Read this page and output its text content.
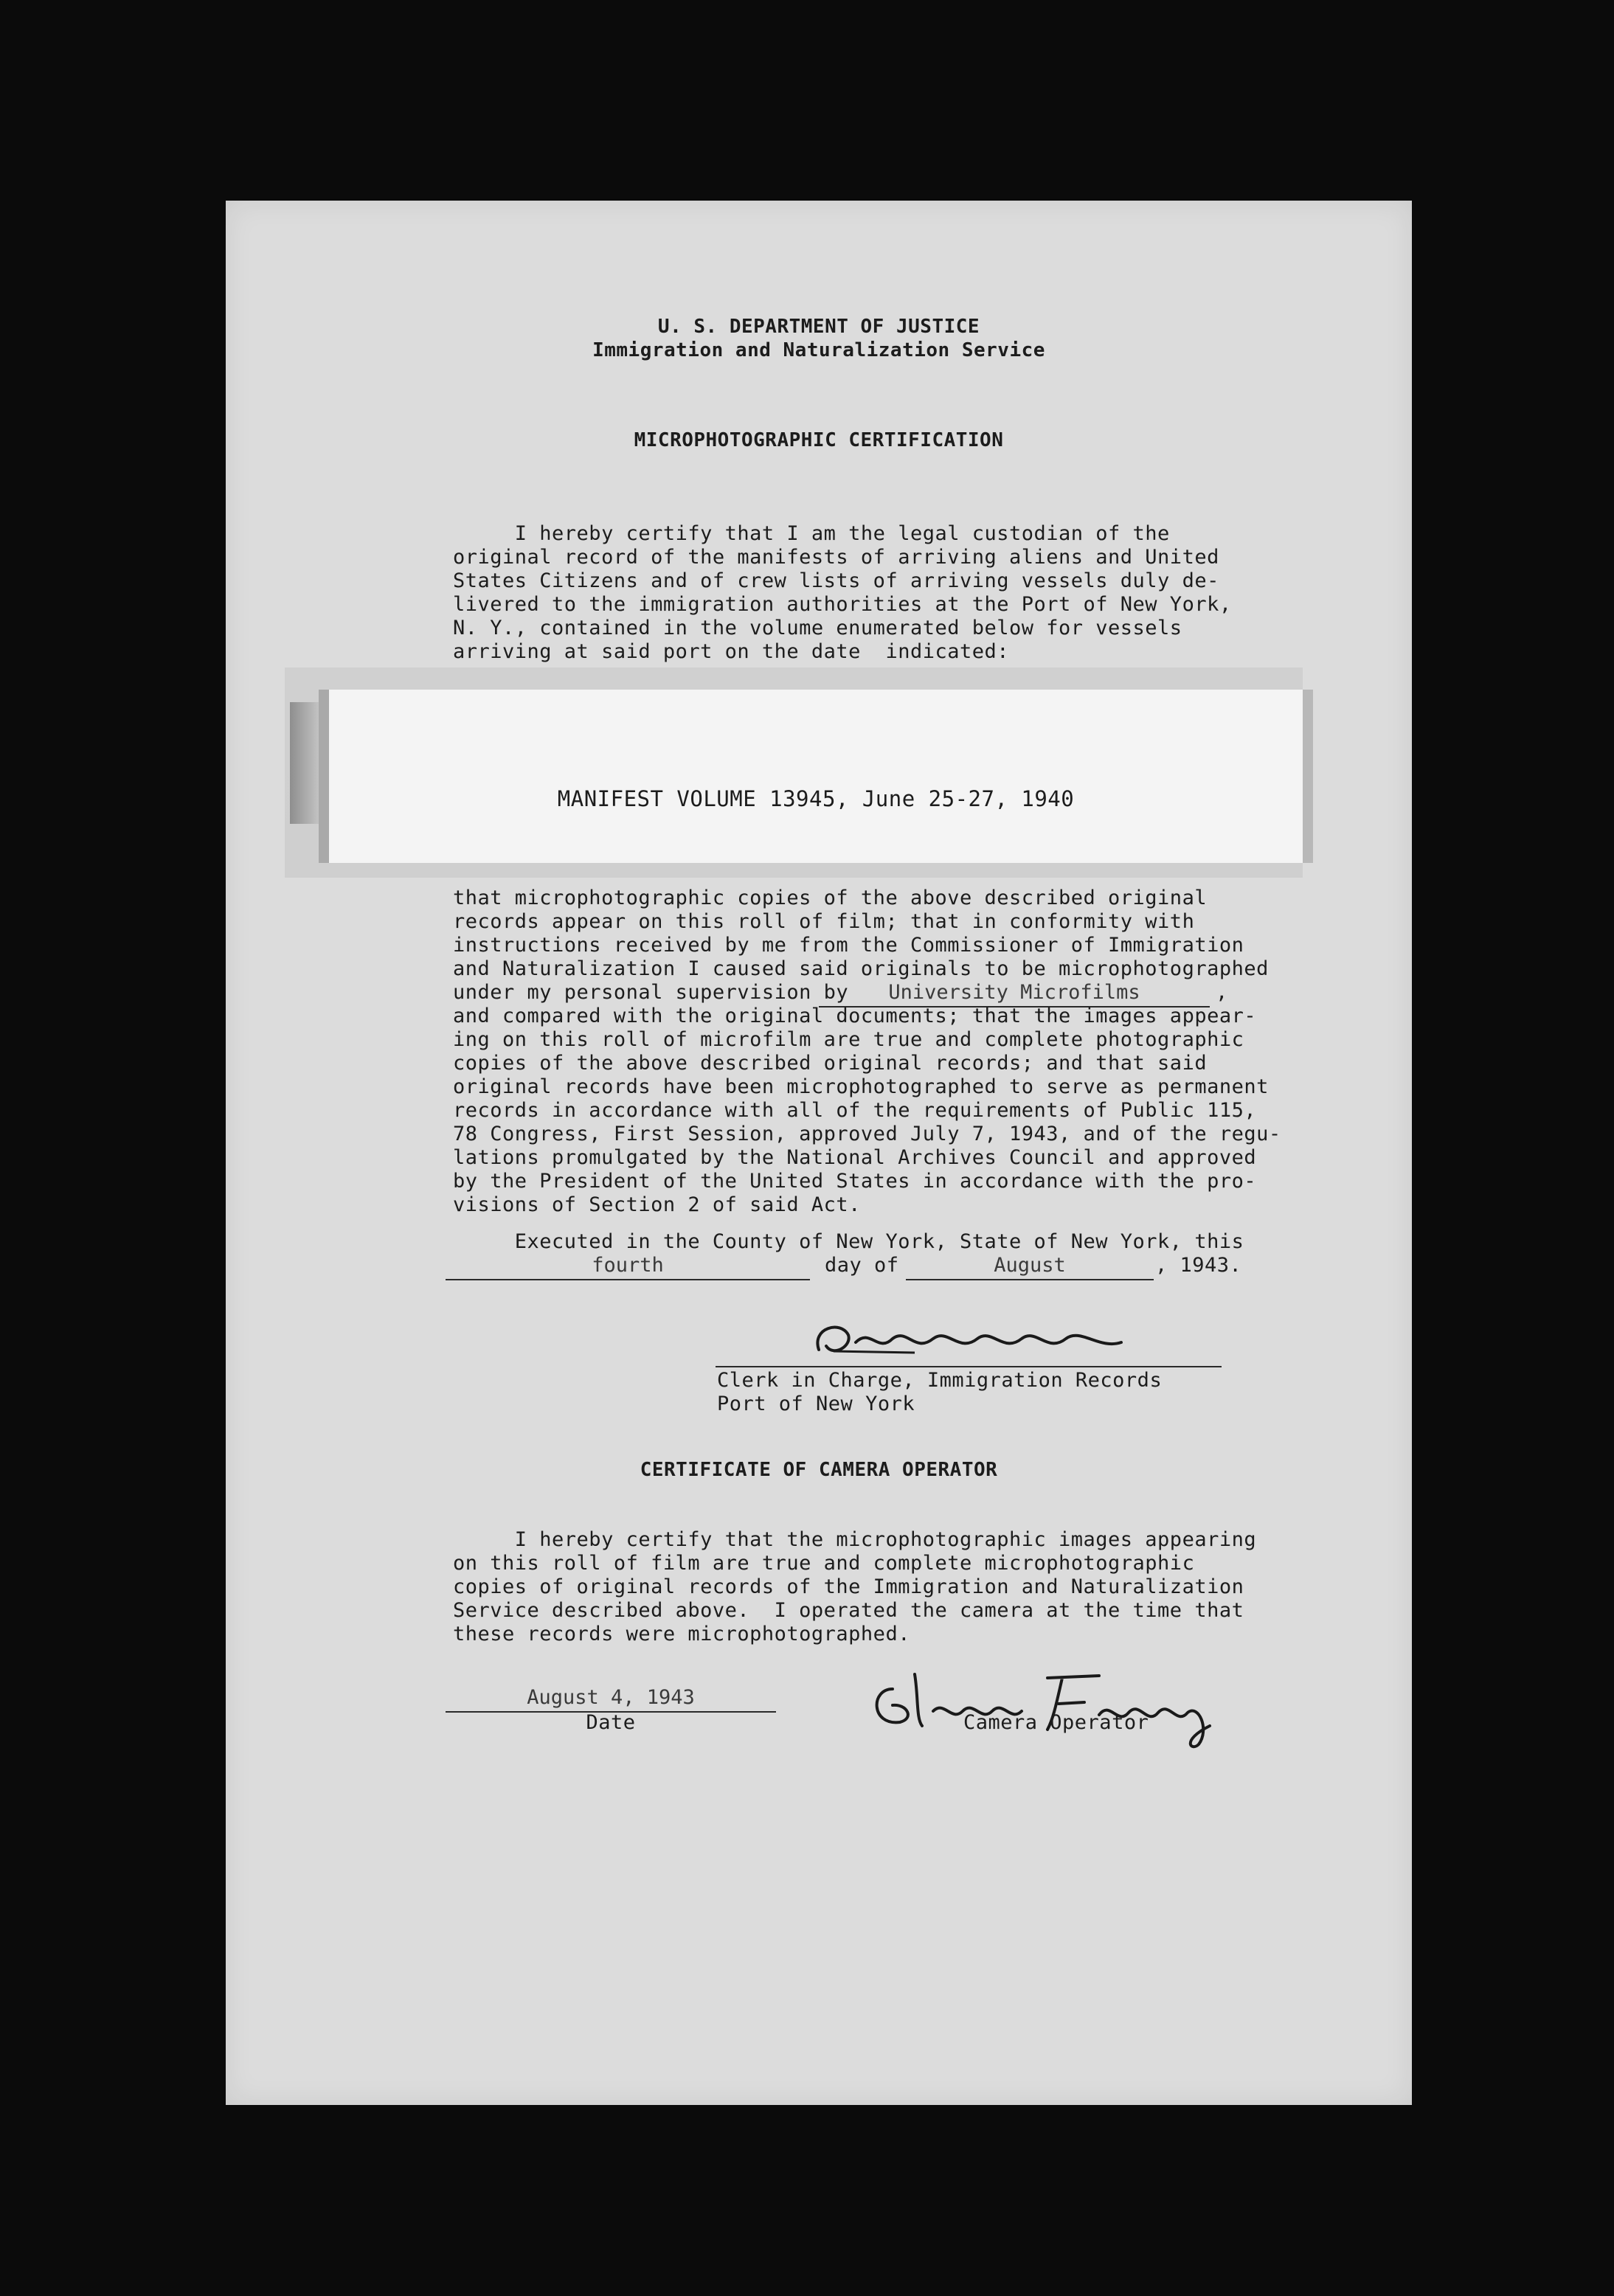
U. S. DEPARTMENT OF JUSTICE
Immigration and Naturalization Service
MICROPHOTOGRAPHIC CERTIFICATION
I hereby certify that I am the legal custodian of the
original record of the manifests of arriving aliens and United
States Citizens and of crew lists of arriving vessels duly de-
livered to the immigration authorities at the Port of New York,
N. Y., contained in the volume enumerated below for vessels
arriving at said port on the date  indicated:
MANIFEST VOLUME 13945, June 25-27, 1940
that microphotographic copies of the above described original
records appear on this roll of film; that in conformity with
instructions received by me from the Commissioner of Immigration
and Naturalization I caused said originals to be microphotographed
under my personal supervision by	University Microfilms	,
and compared with the original documents; that the images appear-
ing on this roll of microfilm are true and complete photographic
copies of the above described original records; and that said
original records have been microphotographed to serve as permanent
records in accordance with all of the requirements of Public 115,
78 Congress, First Session, approved July 7, 1943, and of the regu-
lations promulgated by the National Archives Council and approved
by the President of the United States in accordance with the pro-
visions of Section 2 of said Act.
Executed in the County of New York, State of New York, this
fourth	day of	August	, 1943.
Clerk in Charge, Immigration Records
Port of New York
CERTIFICATE OF CAMERA OPERATOR
I hereby certify that the microphotographic images appearing
on this roll of film are true and complete microphotographic
copies of original records of the Immigration and Naturalization
Service described above.  I operated the camera at the time that
these records were microphotographed.
August 4, 1943
Date	Camera Operator
